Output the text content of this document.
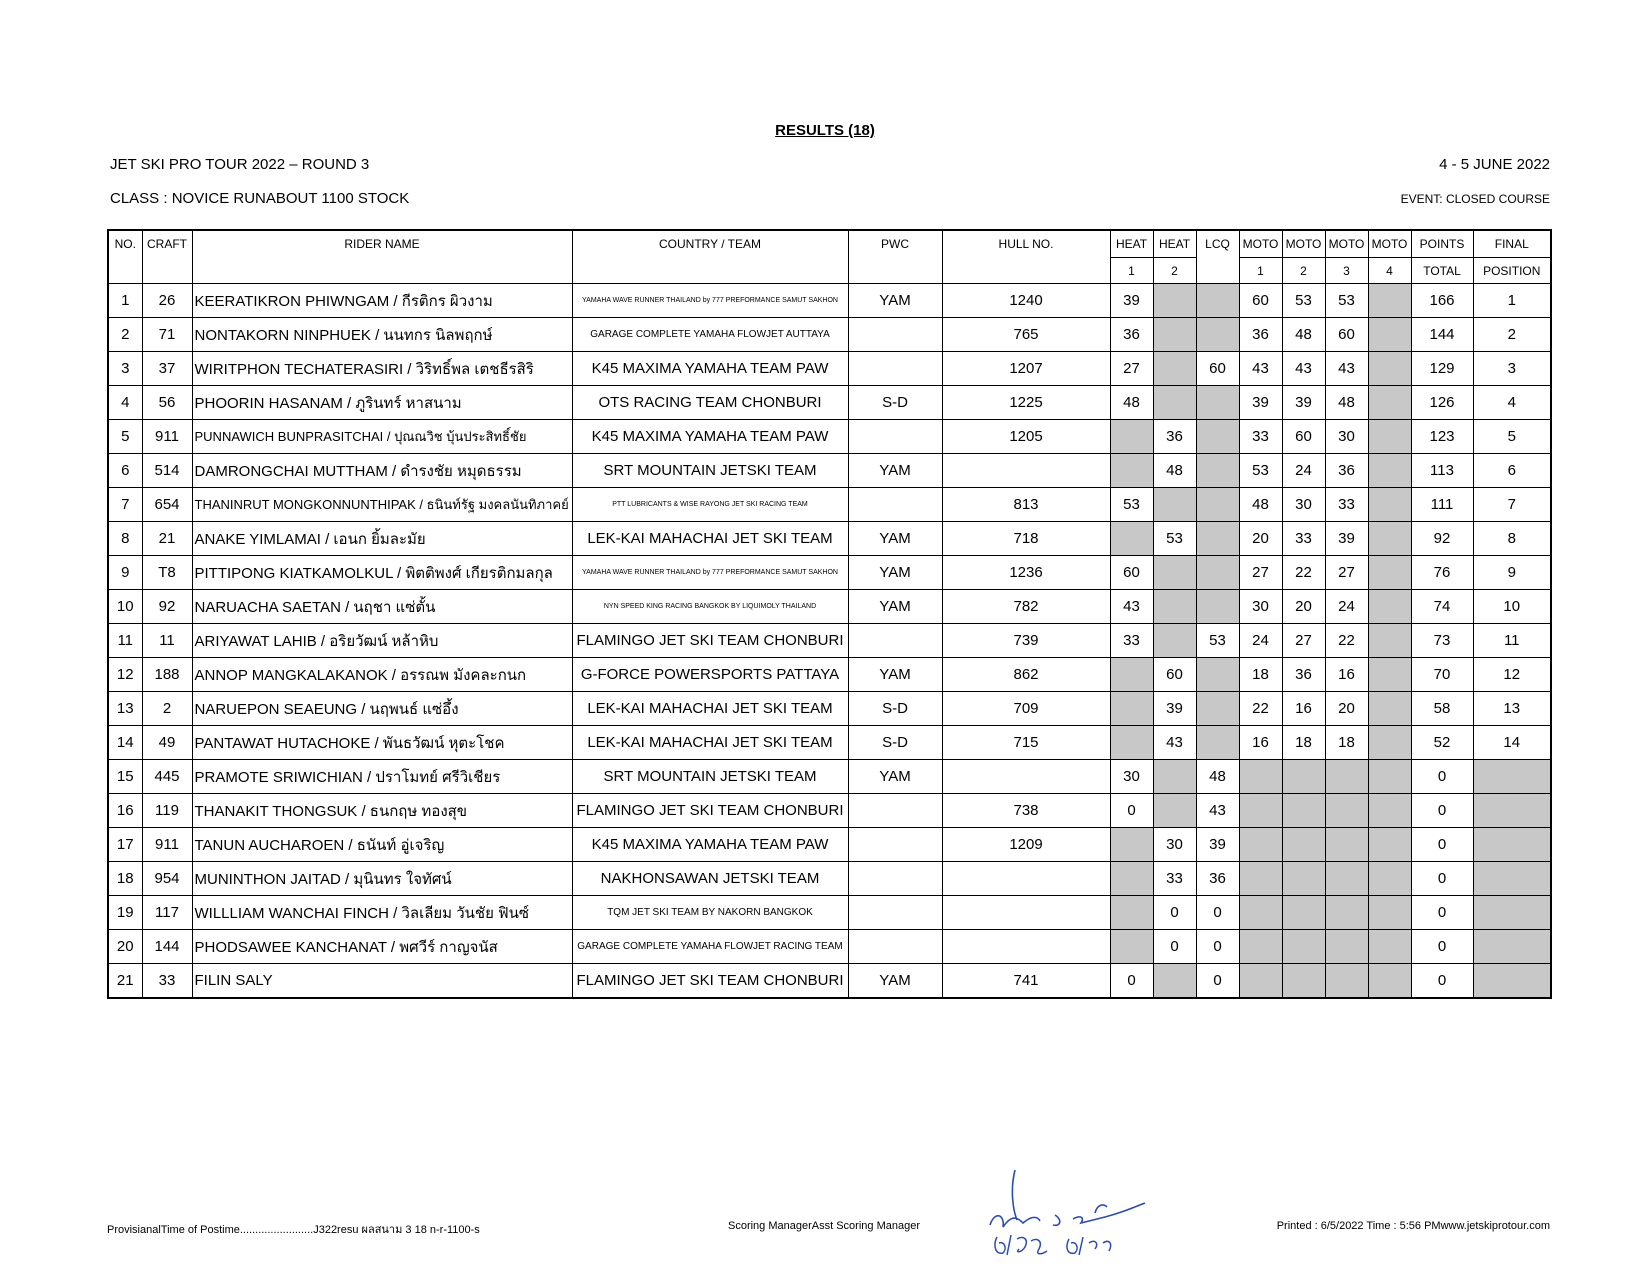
RESULTS (18)
JET SKI PRO TOUR 2022 – ROUND 3	4 - 5 JUNE 2022
CLASS : NOVICE RUNABOUT 1100 STOCK	EVENT: CLOSED COURSE
NO.	CRAFT	RIDER NAME	COUNTRY / TEAM	PWC	HULL NO.	HEAT	HEAT	LCQ	MOTO	MOTO	MOTO	MOTO	POINTS	FINAL
						1	2		1	2	3	4	TOTAL	POSITION
1	26	KEERATIKRON PHIWNGAM / กีรติกร ผิวงาม	YAMAHA WAVE RUNNER THAILAND by 777 PREFORMANCE SAMUT SAKHON	YAM	1240	39			60	53	53		166	1
2	71	NONTAKORN NINPHUEK / นนทกร นิลพฤกษ์	GARAGE COMPLETE YAMAHA FLOWJET AUTTAYA		765	36			36	48	60		144	2
3	37	WIRITPHON TECHATERASIRI / วิริทธิ์พล เตชธีรสิริ	K45 MAXIMA YAMAHA TEAM PAW		1207	27		60	43	43	43		129	3
4	56	PHOORIN HASANAM / ภูรินทร์ หาสนาม	OTS RACING TEAM CHONBURI	S-D	1225	48			39	39	48		126	4
5	911	PUNNAWICH BUNPRASITCHAI / ปุณณวิช บุ้นประสิทธิ์ชัย	K45 MAXIMA YAMAHA TEAM PAW		1205		36		33	60	30		123	5
6	514	DAMRONGCHAI MUTTHAM / ดำรงชัย หมุดธรรม	SRT MOUNTAIN JETSKI TEAM	YAM			48		53	24	36		113	6
7	654	THANINRUT MONGKONNUNTHIPAK / ธนินท์รัฐ มงคลนันทิภาคย์	PTT LUBRICANTS & WISE RAYONG JET SKI RACING TEAM		813	53			48	30	33		111	7
8	21	ANAKE YIMLAMAI / เอนก ยิ้มละมัย	LEK-KAI MAHACHAI JET SKI TEAM	YAM	718		53		20	33	39		92	8
9	T8	PITTIPONG KIATKAMOLKUL / พิตติพงศ์ เกียรติกมลกุล	YAMAHA WAVE RUNNER THAILAND by 777 PREFORMANCE SAMUT SAKHON	YAM	1236	60			27	22	27		76	9
10	92	NARUACHA SAETAN / นฤชา แซ่ตั้น	NYN SPEED KING RACING BANGKOK BY LIQUIMOLY THAILAND	YAM	782	43			30	20	24		74	10
11	11	ARIYAWAT LAHIB / อริยวัฒน์ หล้าหิบ	FLAMINGO JET SKI TEAM CHONBURI		739	33		53	24	27	22		73	11
12	188	ANNOP MANGKALAKANOK / อรรณพ มังคละกนก	G-FORCE POWERSPORTS PATTAYA	YAM	862		60		18	36	16		70	12
13	2	NARUEPON SEAEUNG / นฤพนธ์ แซ่อึ้ง	LEK-KAI MAHACHAI JET SKI TEAM	S-D	709		39		22	16	20		58	13
14	49	PANTAWAT HUTACHOKE / พันธวัฒน์ หุตะโชค	LEK-KAI MAHACHAI JET SKI TEAM	S-D	715		43		16	18	18		52	14
15	445	PRAMOTE SRIWICHIAN / ปราโมทย์ ศรีวิเชียร	SRT MOUNTAIN JETSKI TEAM	YAM		30		48					0	
16	119	THANAKIT THONGSUK / ธนกฤษ ทองสุข	FLAMINGO JET SKI TEAM CHONBURI		738	0		43					0	
17	911	TANUN AUCHAROEN / ธนันท์ อู่เจริญ	K45 MAXIMA YAMAHA TEAM PAW		1209		30	39					0	
18	954	MUNINTHON JAITAD / มุนินทร ใจทัศน์	NAKHONSAWAN JETSKI TEAM				33	36					0	
19	117	WILLLIAM WANCHAI FINCH / วิลเลียม วันชัย ฟินซ์	TQM JET SKI TEAM BY NAKORN BANGKOK				0	0					0	
20	144	PHODSAWEE KANCHANAT / พศวีร์ กาญจนัส	GARAGE COMPLETE YAMAHA FLOWJET RACING TEAM				0	0					0	
21	33	FILIN SALY	FLAMINGO JET SKI TEAM CHONBURI	YAM	741	0		0					0	
ProvisianalTime of Postime........................J322resu ผลสนาม 3 18 n-r-1100-s	Scoring ManagerAsst Scoring Manager	Printed : 6/5/2022 Time : 5:56 PMwww.jetskiprotour.com
